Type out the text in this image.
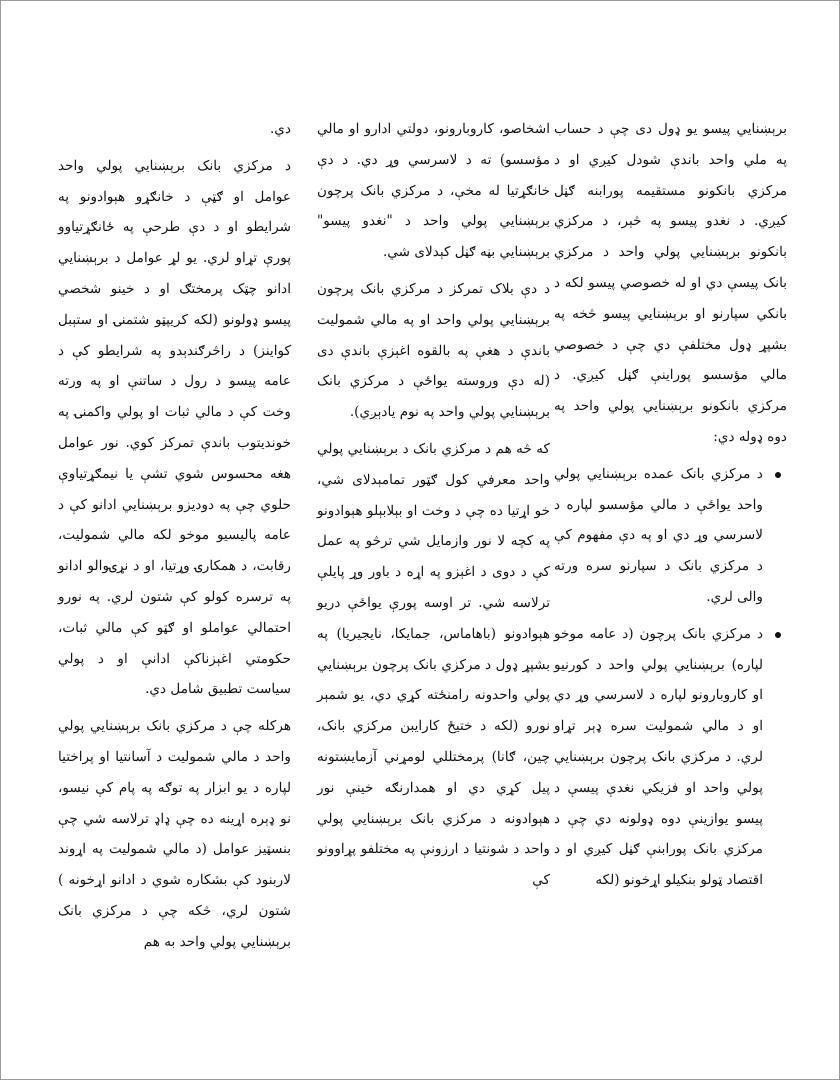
برېښنايي پيسو يو ډول دی چې د حساب په ملي واحد باندې شودل کيږي او د مرکزي بانکونو مستقيمه پورابنه ګڼل کيږي. د نغدو پيسو په څېر، د مرکزي بانکونو برېښنايي پولي واحد د مرکزي بانک پيسې دي او له خصوصي پيسو لکه د بانکي سپارنو او برېښنايي پيسو څخه په بشپړ ډول مختلفې دي چې د خصوصي مالي مؤسسو پوراينې ګڼل کيږي. د مرکزي بانکونو برېښنايي پولي واحد په دوه ډوله دي:

د مرکزي بانک عمده برېښنايي پولي واحد يواځې د مالي مؤسسو لپاره د لاسرسي وړ دي او په دې مفهوم کې د مرکزي بانک د سپارنو سره ورته والی لري.
د مرکزي بانک پرچون (د عامه موخو لپاره) برېښنايي پولي واحد د کورنيو او کاروبارونو لپاره د لاسرسي وړ دي او د مالي شموليت سره ډېر تړاو لري. د مرکزي بانک پرچون برېښنايي پولي واحد او فزيکي نغدې پيسې د پيسو يوازينې دوه ډولونه دي چې د مرکزي بانک پورابنې ګڼل کيږي او د اقتصاد ټولو بنکيلو اړخونو (لکه

اشخاصو، کاروبارونو، دولتي ادارو او مالي مؤسسو) ته د لاسرسي وړ دي. د دې خانګړتيا له مخې، د مرکزي بانک پرچون برېښنايي پولي واحد د "نغدو پيسو" برېښنايي بڼه ګڼل کېدلای شي.

د دې بلاک تمرکز د مرکزي بانک پرچون برېښنايي پولي واحد او په مالي شموليت باندې د هغې په بالقوه اغېزې باندې دی (له دې وروسته يواځې د مرکزي بانک برېښنايي پولي واحد په نوم يادېږي).

که څه هم د مرکزي بانک د برېښنايي پولي واحد معرفي کول ګټور تمامېدلای شي، خو اړتيا ده چې د وخت او بېلابېلو هېوادونو په کچه لا نور وازمايل شي ترڅو په عمل کې د دوی د اغېزو په اړه د باور وړ پايلې ترلاسه شي. تر اوسه پورې يواځې دريو هېوادونو (باهاماس، جمايکا، نايجيريا) په بشپړ ډول د مرکزي بانک پرچون برېښنايي پولي واحدونه رامنځته کړي دي، يو شمېر نورو (لکه د ختيځ کارايبن مرکزي بانک، چين، ګانا) پرمختللي لومړني آزمايښتونه پيل کړي دي او همدارنګه خينې نور هېوادونه د مرکزي بانک برېښنايي پولي واحد د شونتيا د ارزونې په مختلفو پړاوونو کې

دي.

د مرکزي بانک برېښنايي پولي واحد عوامل او ګټې د خانګړو هېوادونو په شرايطو او د دې طرحې په ځانګړتياوو پورې تړاو لري. يو لړ عوامل د برېښنايي ادانو چټک پرمختګ او د خينو شخصي پيسو ډولونو (لکه کريپټو شتمنۍ او ستېبل کواينز) د راڅرګندېدو په شرايطو کې د عامه پيسو د رول د ساتنې او په ورته وخت کې د مالي ثبات او پولي واکمنۍ په خونديتوب باندې تمرکز کوي. نور عوامل هغه محسوس شوي تشې يا نيمګړتياوې حلوي چې په دوديزو برېښنايي ادانو کې د عامه پاليسيو موخو لکه مالي شموليت، رقابت، د همکارۍ وړتيا، او د نړۍوالو ادانو په ترسره کولو کې شتون لري. په نورو احتمالي عواملو او ګټو کې مالي ثبات، حکومتي اغېزناکې ادانې او د پولي سياست تطبيق شامل دي.

هرکله چې د مرکزي بانک برېښنايي پولي واحد د مالي شموليت د آسانتيا او پراختيا لپاره د يو ابزار په توګه په پام کې نيسو، نو ډېره اړينه ده چې ډاډ ترلاسه شي چې بنسټيز عوامل (د مالي شموليت په اړوند لاربنود کې بشکاره شوي د ادانو اړخونه ) شتون لري، څکه چې د مرکزي بانک برېښنايي پولي واحد به هم
